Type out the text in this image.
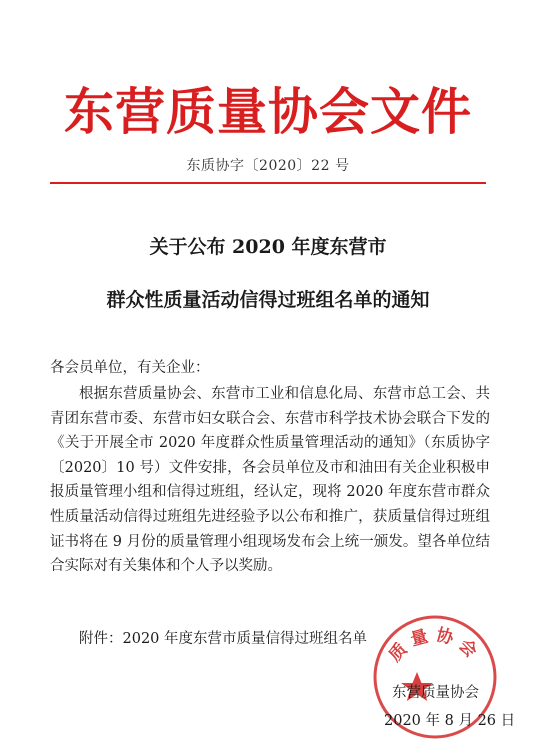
东营质量协会文件
东质协字〔2020〕22 号
关于公布 2020 年度东营市
群众性质量活动信得过班组名单的通知
各会员单位，有关企业：
根据东营质量协会、东营市工业和信息化局、东营市总工会、共青团东营市委、东营市妇女联合会、东营市科学技术协会联合下发的《关于开展全市 2020 年度群众性质量管理活动的通知》（东质协字〔2020〕10 号）文件安排，各会员单位及市和油田有关企业积极申报质量管理小组和信得过班组，经认定，现将 2020 年度东营市群众性质量活动信得过班组先进经验予以公布和推广，获质量信得过班组证书将在 9 月份的质量管理小组现场发布会上统一颁发。望各单位结合实际对有关集体和个人予以奖励。
附件：2020 年度东营市质量信得过班组名单 质量协会
东营质量协会
2020 年 8 月 26 日
